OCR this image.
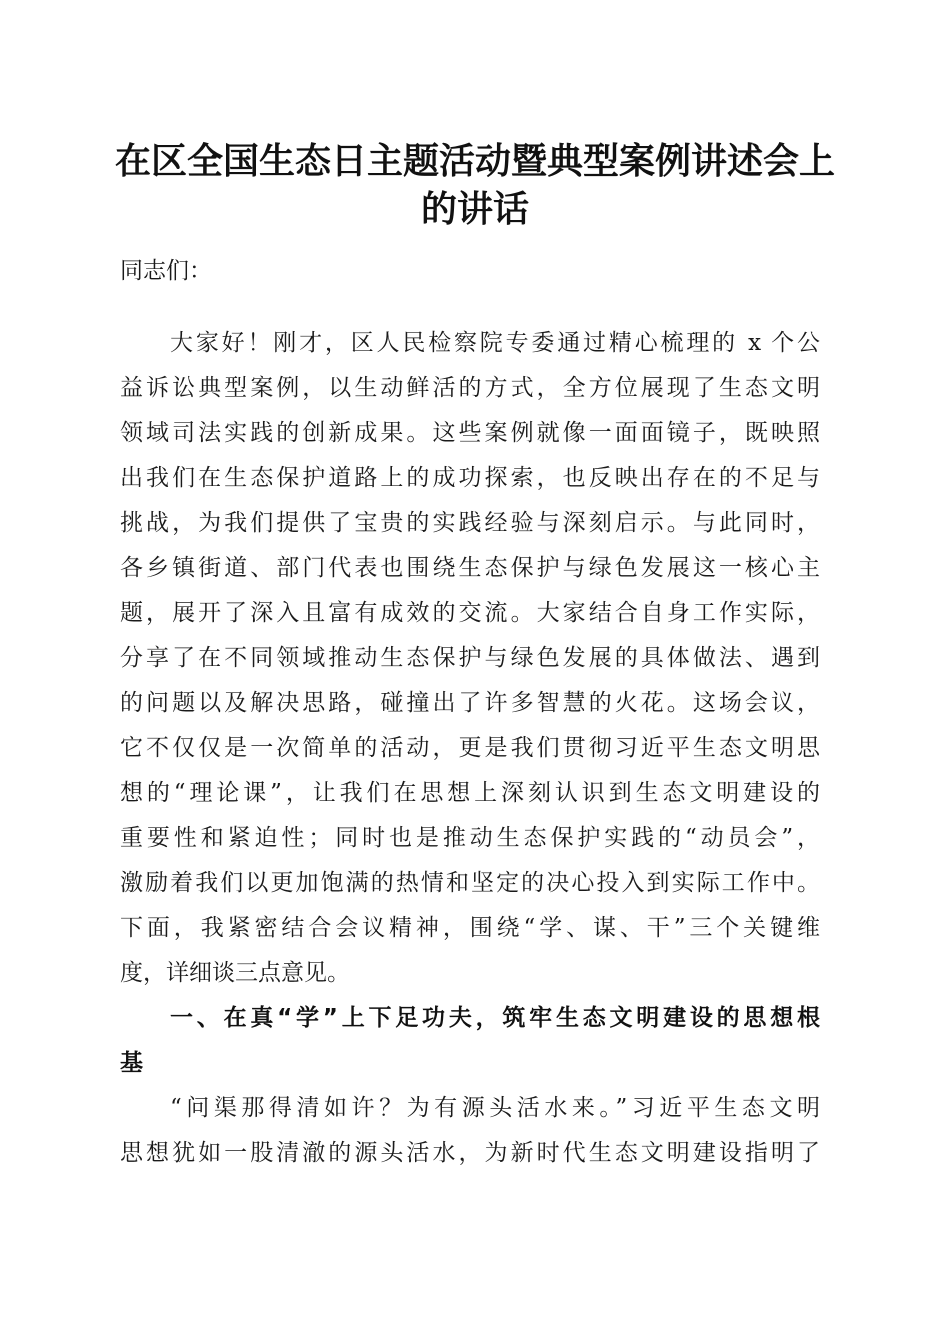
在区全国生态日主题活动暨典型案例讲述会上
的讲话

同志们：

大家好！刚才，区人民检察院专委通过精心梳理的 x 个公

益诉讼典型案例，以生动鲜活的方式，全方位展现了生态文明

领域司法实践的创新成果。这些案例就像一面面镜子，既映照

出我们在生态保护道路上的成功探索，也反映出存在的不足与

挑战，为我们提供了宝贵的实践经验与深刻启示。与此同时，

各乡镇街道、部门代表也围绕生态保护与绿色发展这一核心主

题，展开了深入且富有成效的交流。大家结合自身工作实际，

分享了在不同领域推动生态保护与绿色发展的具体做法、遇到

的问题以及解决思路，碰撞出了许多智慧的火花。这场会议，

它不仅仅是一次简单的活动，更是我们贯彻习近平生态文明思

想的“理论课”，让我们在思想上深刻认识到生态文明建设的

重要性和紧迫性；同时也是推动生态保护实践的“动员会”，

激励着我们以更加饱满的热情和坚定的决心投入到实际工作中。

下面，我紧密结合会议精神，围绕“学、谋、干”三个关键维

度，详细谈三点意见。

一、在真“学”上下足功夫，筑牢生态文明建设的思想根

基

“问渠那得清如许？为有源头活水来。”习近平生态文明

思想犹如一股清澈的源头活水，为新时代生态文明建设指明了
